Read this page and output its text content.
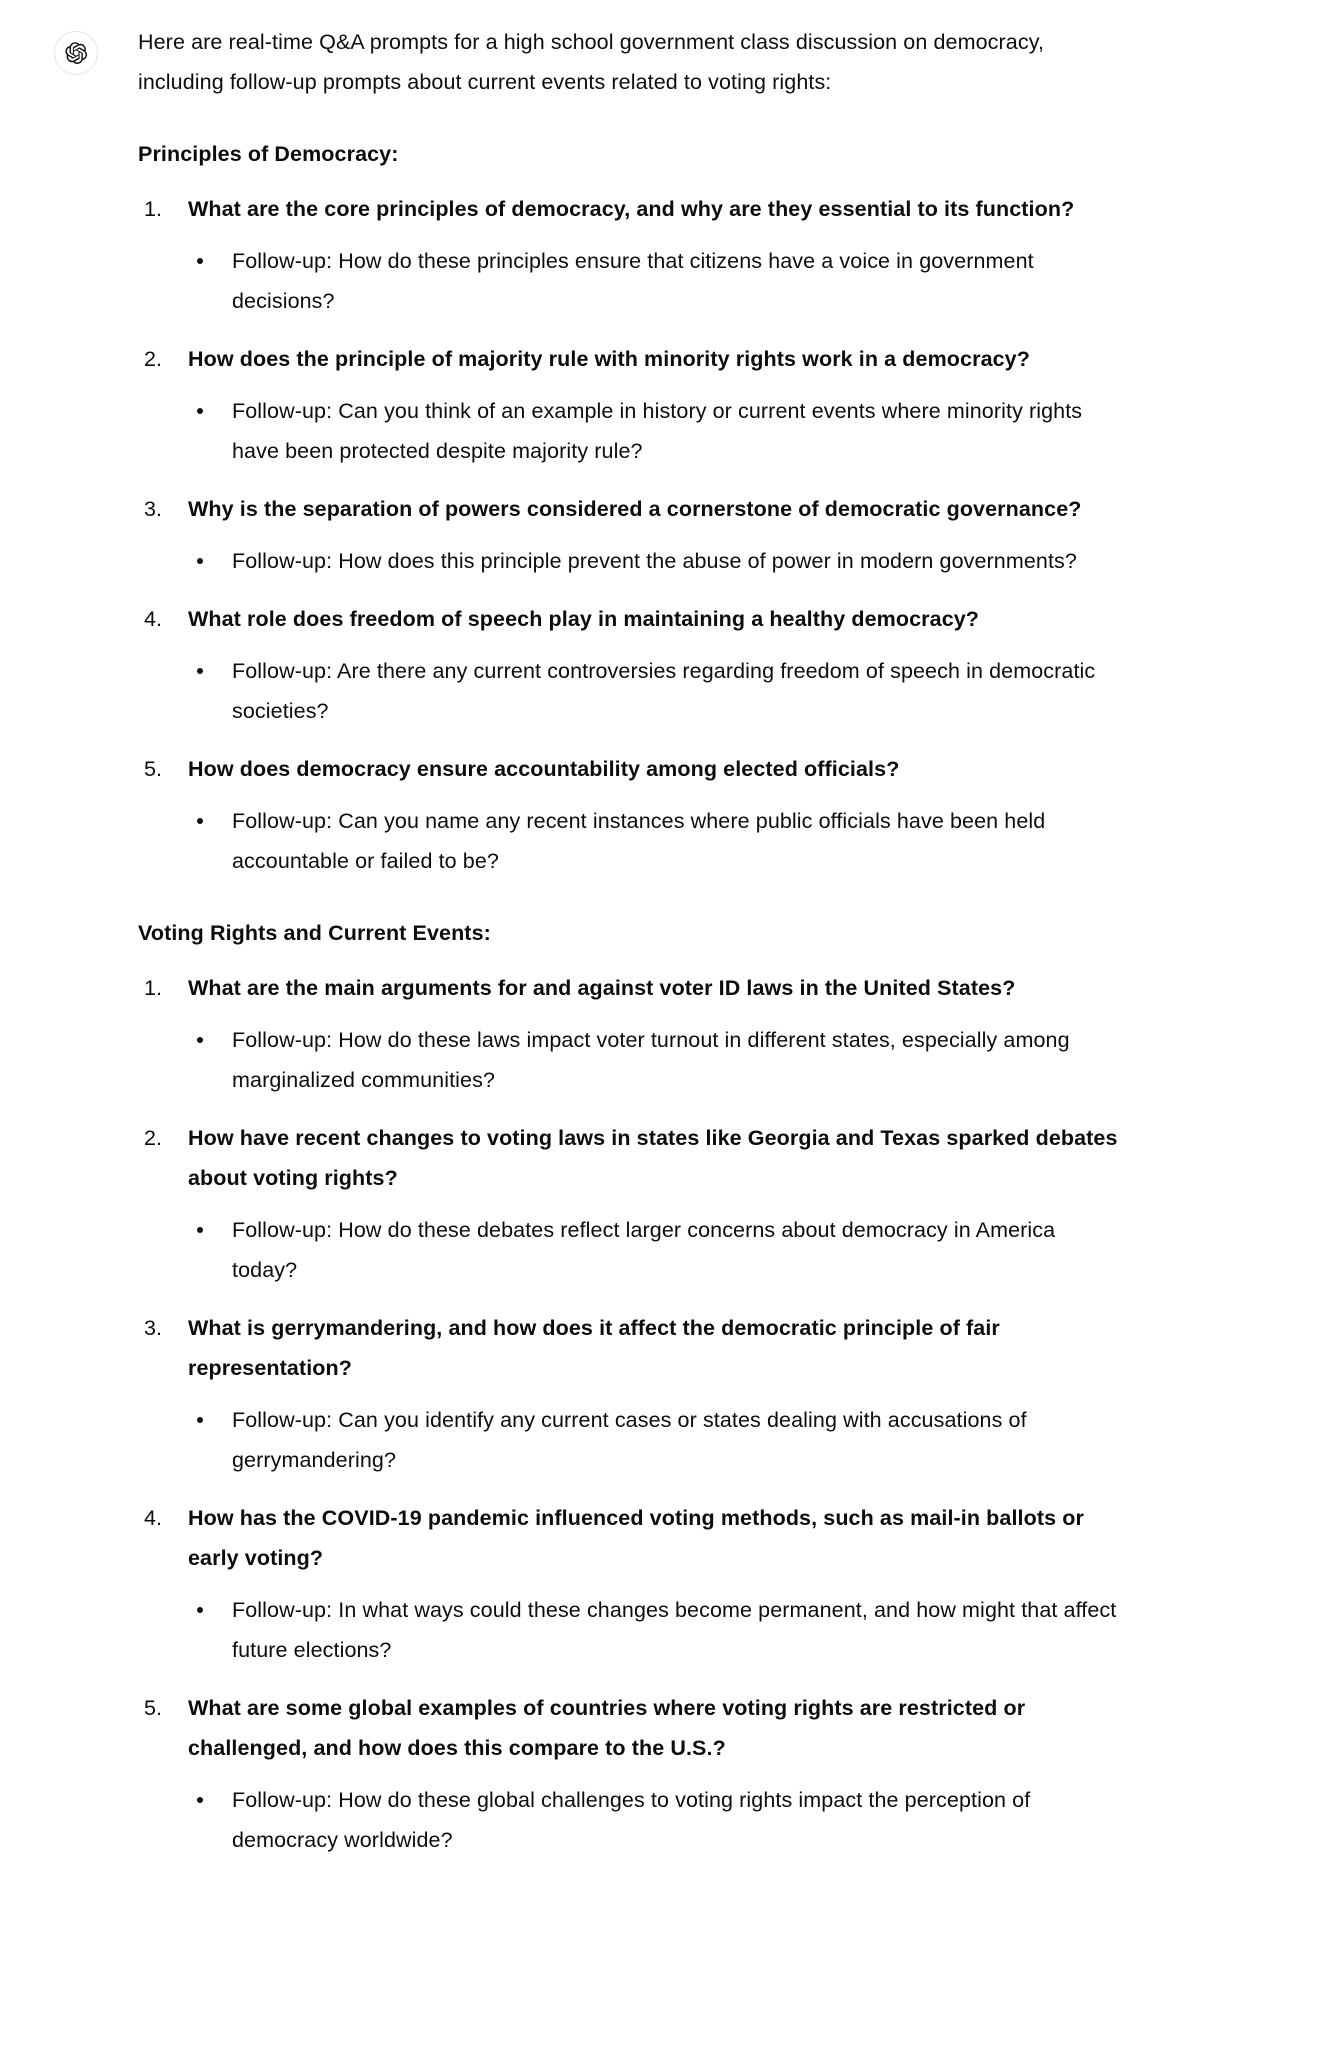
Here are real-time Q&A prompts for a high school government class discussion on democracy, including follow-up prompts about current events related to voting rights:

Principles of Democracy:

What are the core principles of democracy, and why are they essential to its function?

Follow-up: How do these principles ensure that citizens have a voice in government decisions?

How does the principle of majority rule with minority rights work in a democracy?

Follow-up: Can you think of an example in history or current events where minority rights have been protected despite majority rule?

Why is the separation of powers considered a cornerstone of democratic governance?

Follow-up: How does this principle prevent the abuse of power in modern governments?

What role does freedom of speech play in maintaining a healthy democracy?

Follow-up: Are there any current controversies regarding freedom of speech in democratic societies?

How does democracy ensure accountability among elected officials?

Follow-up: Can you name any recent instances where public officials have been held accountable or failed to be?

Voting Rights and Current Events:

What are the main arguments for and against voter ID laws in the United States?

Follow-up: How do these laws impact voter turnout in different states, especially among marginalized communities?

How have recent changes to voting laws in states like Georgia and Texas sparked debates about voting rights?

Follow-up: How do these debates reflect larger concerns about democracy in America today?

What is gerrymandering, and how does it affect the democratic principle of fair representation?

Follow-up: Can you identify any current cases or states dealing with accusations of gerrymandering?

How has the COVID-19 pandemic influenced voting methods, such as mail-in ballots or early voting?

Follow-up: In what ways could these changes become permanent, and how might that affect future elections?

What are some global examples of countries where voting rights are restricted or challenged, and how does this compare to the U.S.?

Follow-up: How do these global challenges to voting rights impact the perception of democracy worldwide?
